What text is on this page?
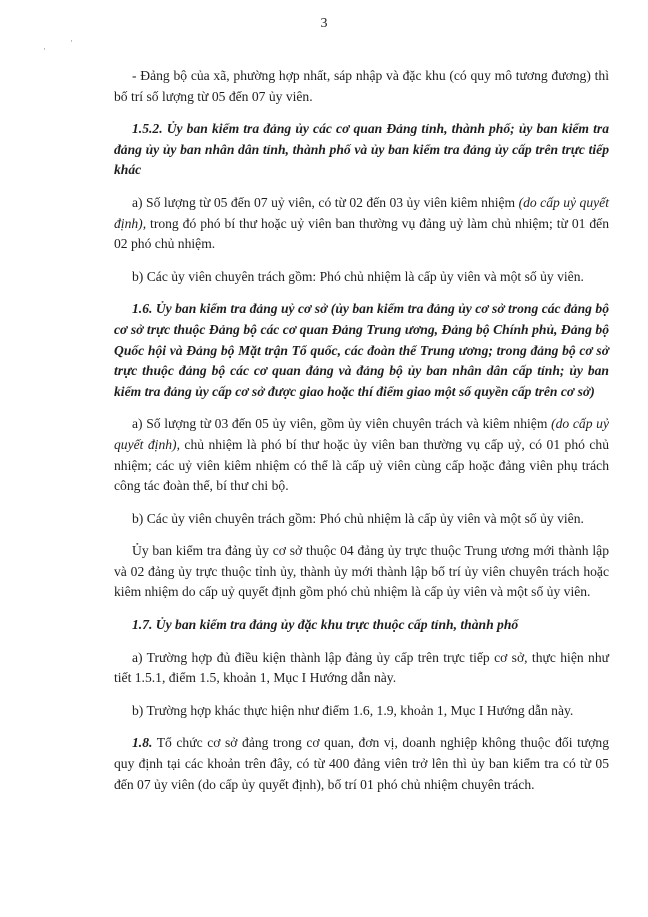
3
·
·

- Đảng bộ của xã, phường hợp nhất, sáp nhập và đặc khu (có quy mô tương đương) thì bố trí số lượng từ 05 đến 07 ủy viên.

1.5.2. Ủy ban kiểm tra đảng ủy các cơ quan Đảng tỉnh, thành phố; ủy ban kiểm tra đảng ủy ủy ban nhân dân tỉnh, thành phố và ủy ban kiểm tra đảng ủy cấp trên trực tiếp khác

a) Số lượng từ 05 đến 07 uỷ viên, có từ 02 đến 03 ủy viên kiêm nhiệm (do cấp uỷ quyết định), trong đó phó bí thư hoặc uỷ viên ban thường vụ đảng uỷ làm chủ nhiệm; từ 01 đến 02 phó chủ nhiệm.

b) Các ủy viên chuyên trách gồm: Phó chủ nhiệm là cấp ủy viên và một số ủy viên.

1.6. Ủy ban kiểm tra đảng uỷ cơ sở (ủy ban kiểm tra đảng ủy cơ sở trong các đảng bộ cơ sở trực thuộc Đảng bộ các cơ quan Đảng Trung ương, Đảng bộ Chính phủ, Đảng bộ Quốc hội và Đảng bộ Mặt trận Tổ quốc, các đoàn thể Trung ương; trong đảng bộ cơ sở trực thuộc đảng bộ các cơ quan đảng và đảng bộ ủy ban nhân dân cấp tỉnh; ủy ban kiểm tra đảng ủy cấp cơ sở được giao hoặc thí điểm giao một số quyền cấp trên cơ sở)

a) Số lượng từ 03 đến 05 ủy viên, gồm ủy viên chuyên trách và kiêm nhiệm (do cấp uỷ quyết định), chủ nhiệm là phó bí thư hoặc ủy viên ban thường vụ cấp uỷ, có 01 phó chủ nhiệm; các uỷ viên kiêm nhiệm có thể là cấp uỷ viên cùng cấp hoặc đảng viên phụ trách công tác đoàn thể, bí thư chi bộ.

b) Các ủy viên chuyên trách gồm: Phó chủ nhiệm là cấp ủy viên và một số ủy viên.

Ủy ban kiểm tra đảng ủy cơ sở thuộc 04 đảng ủy trực thuộc Trung ương mới thành lập và 02 đảng ủy trực thuộc tỉnh ủy, thành ủy mới thành lập bố trí ủy viên chuyên trách hoặc kiêm nhiệm do cấp uỷ quyết định gồm phó chủ nhiệm là cấp ủy viên và một số ủy viên.

1.7. Ủy ban kiểm tra đảng ủy đặc khu trực thuộc cấp tỉnh, thành phố

a) Trường hợp đủ điều kiện thành lập đảng ủy cấp trên trực tiếp cơ sở, thực hiện như tiết 1.5.1, điểm 1.5, khoản 1, Mục I Hướng dẫn này.

b) Trường hợp khác thực hiện như điểm 1.6, 1.9, khoản 1, Mục I Hướng dẫn này.

1.8. Tổ chức cơ sở đảng trong cơ quan, đơn vị, doanh nghiệp không thuộc đối tượng quy định tại các khoản trên đây, có từ 400 đảng viên trở lên thì ủy ban kiểm tra có từ 05 đến 07 ủy viên (do cấp ủy quyết định), bố trí 01 phó chủ nhiệm chuyên trách.
